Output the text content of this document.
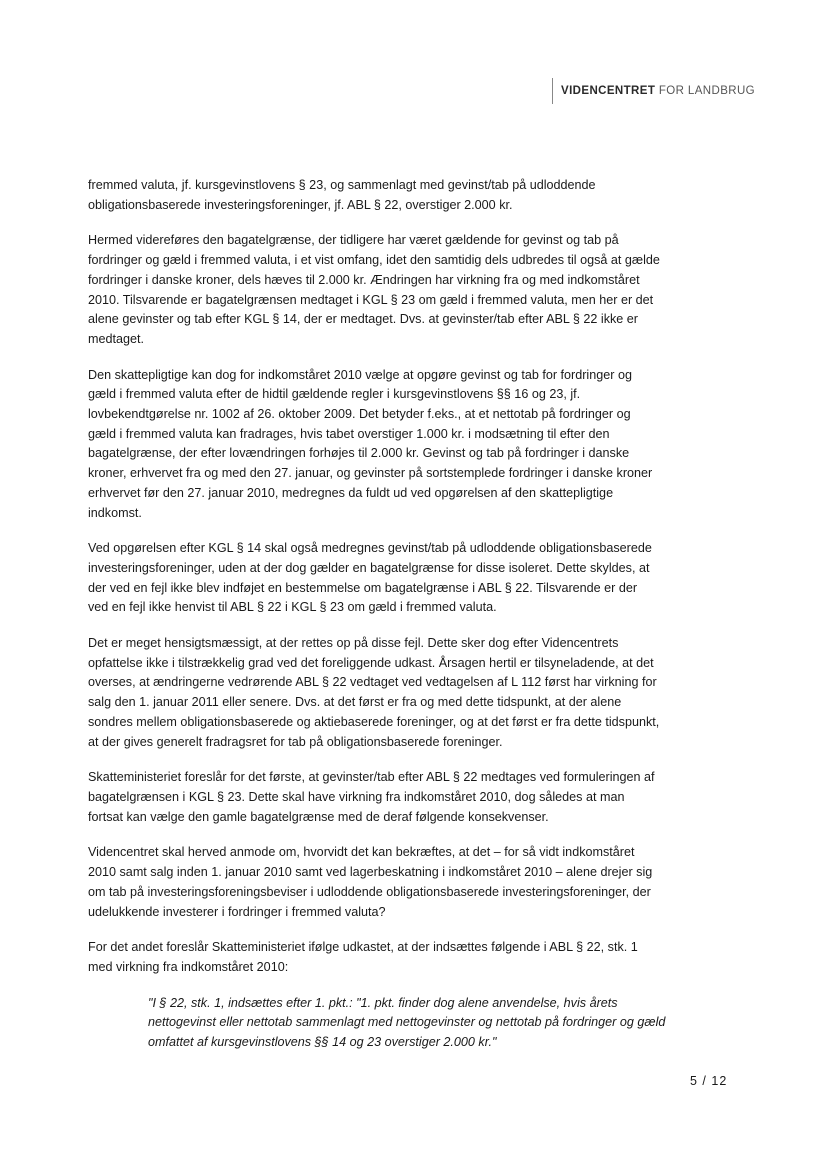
VIDENCENTRET FOR LANDBRUG

fremmed valuta, jf. kursgevinstlovens § 23, og sammenlagt med gevinst/tab på udloddende obligationsbaserede investeringsforeninger, jf. ABL § 22, overstiger 2.000 kr.

Hermed videreføres den bagatelgrænse, der tidligere har været gældende for gevinst og tab på fordringer og gæld i fremmed valuta, i et vist omfang, idet den samtidig dels udbredes til også at gælde fordringer i danske kroner, dels hæves til 2.000 kr. Ændringen har virkning fra og med indkomståret 2010. Tilsvarende er bagatelgrænsen medtaget i KGL § 23 om gæld i fremmed valuta, men her er det alene gevinster og tab efter KGL § 14, der er medtaget. Dvs. at gevinster/tab efter ABL § 22 ikke er medtaget.

Den skattepligtige kan dog for indkomståret 2010 vælge at opgøre gevinst og tab for fordringer og gæld i fremmed valuta efter de hidtil gældende regler i kursgevinstlovens §§ 16 og 23, jf. lovbekendtgørelse nr. 1002 af 26. oktober 2009. Det betyder f.eks., at et nettotab på fordringer og gæld i fremmed valuta kan fradrages, hvis tabet overstiger 1.000 kr. i modsætning til efter den bagatelgrænse, der efter lovændringen forhøjes til 2.000 kr. Gevinst og tab på fordringer i danske kroner, erhvervet fra og med den 27. januar, og gevinster på sortstemplede fordringer i danske kroner erhvervet før den 27. januar 2010, medregnes da fuldt ud ved opgørelsen af den skattepligtige indkomst.

Ved opgørelsen efter KGL § 14 skal også medregnes gevinst/tab på udloddende obligationsbaserede investeringsforeninger, uden at der dog gælder en bagatelgrænse for disse isoleret. Dette skyldes, at der ved en fejl ikke blev indføjet en bestemmelse om bagatelgrænse i ABL § 22. Tilsvarende er der ved en fejl ikke henvist til ABL § 22 i KGL § 23 om gæld i fremmed valuta.

Det er meget hensigtsmæssigt, at der rettes op på disse fejl. Dette sker dog efter Videncentrets opfattelse ikke i tilstrækkelig grad ved det foreliggende udkast. Årsagen hertil er tilsyneladende, at det overses, at ændringerne vedrørende ABL § 22 vedtaget ved vedtagelsen af L 112 først har virkning for salg den 1. januar 2011 eller senere. Dvs. at det først er fra og med dette tidspunkt, at der alene sondres mellem obligationsbaserede og aktiebaserede foreninger, og at det først er fra dette tidspunkt, at der gives generelt fradragsret for tab på obligationsbaserede foreninger.

Skatteministeriet foreslår for det første, at gevinster/tab efter ABL § 22 medtages ved formuleringen af bagatelgrænsen i KGL § 23. Dette skal have virkning fra indkomståret 2010, dog således at man fortsat kan vælge den gamle bagatelgrænse med de deraf følgende konsekvenser.

Videncentret skal herved anmode om, hvorvidt det kan bekræftes, at det – for så vidt indkomståret 2010 samt salg inden 1. januar 2010 samt ved lagerbeskatning i indkomståret 2010 – alene drejer sig om tab på investeringsforeningsbeviser i udloddende obligationsbaserede investeringsforeninger, der udelukkende investerer i fordringer i fremmed valuta?

For det andet foreslår Skatteministeriet ifølge udkastet, at der indsættes følgende i ABL § 22, stk. 1 med virkning fra indkomståret 2010:

"I § 22, stk. 1, indsættes efter 1. pkt.: "1. pkt. finder dog alene anvendelse, hvis årets nettogevinst eller nettotab sammenlagt med nettogevinster og nettotab på fordringer og gæld omfattet af kursgevinstlovens §§ 14 og 23 overstiger 2.000 kr."
5 / 12
